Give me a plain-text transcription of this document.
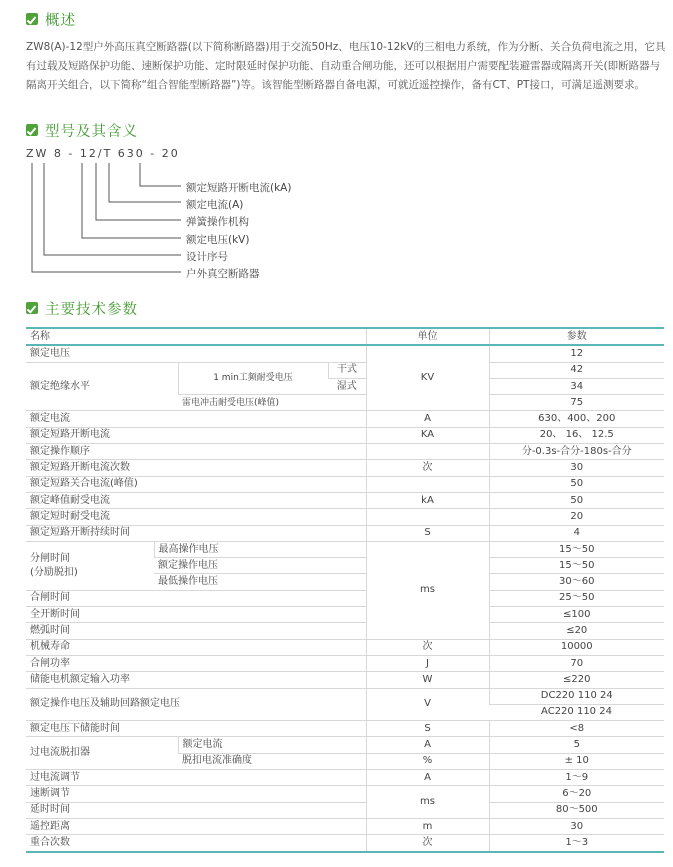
概述
ZW8(A)-12型户外高压真空断路器(以下简称断路器)用于交流50Hz、电压10-12kV的三相电力系统，作为分断、关合负荷电流之用，它具有过载及短路保护功能、速断保护功能、定时限延时保护功能、自动重合闸功能，还可以根据用户需要配装避雷器或隔离开关(即断路器与隔离开关组合，以下简称“组合智能型断路器”)等。该智能型断路器自备电源，可就近遥控操作，备有CT、PT接口，可满足遥测要求。
型号及其含义
ZW 8 - 12/T 630 - 20
额定短路开断电流(kA)
额定电流(A)
弹簧操作机构
额定电压(kV)
设计序号
户外真空断路器
主要技术参数
名称				单位	参数
额定电压				KV	12
额定绝缘水平		1 min工频耐受电压	干式		42
			湿式		34
		雷电冲击耐受电压(峰值)			75
额定电流				A	630、400、200
额定短路开断电流				KA	20、 16、 12.5
额定操作顺序					分-0.3s-合分-180s-合分
额定短路开断电流次数				次	30
额定短路关合电流(峰值)					50
额定峰值耐受电流				kA	50
额定短时耐受电流					20
额定短路开断持续时间				S	4

分闸时间
(分励脱扣)	最高操作电压			ms	15～50
	额定操作电压				15～50
	最低操作电压				30～60
合闸时间					25～50
全开断时间					≤100
燃弧时间					≤20
机械寿命				次	10000
合闸功率				J	70
储能电机额定输入功率				W	≤220
额定操作电压及辅助回路额定电压				V	DC220 110 24
					AC220 110 24
额定电压下储能时间				S	<8
过电流脱扣器		额定电流		A	5
		脱扣电流准确度		%	± 10
过电流调节				A	1～9
速断调节				ms	6～20
延时时间					80～500
遥控距离				m	30
重合次数				次	1～3
